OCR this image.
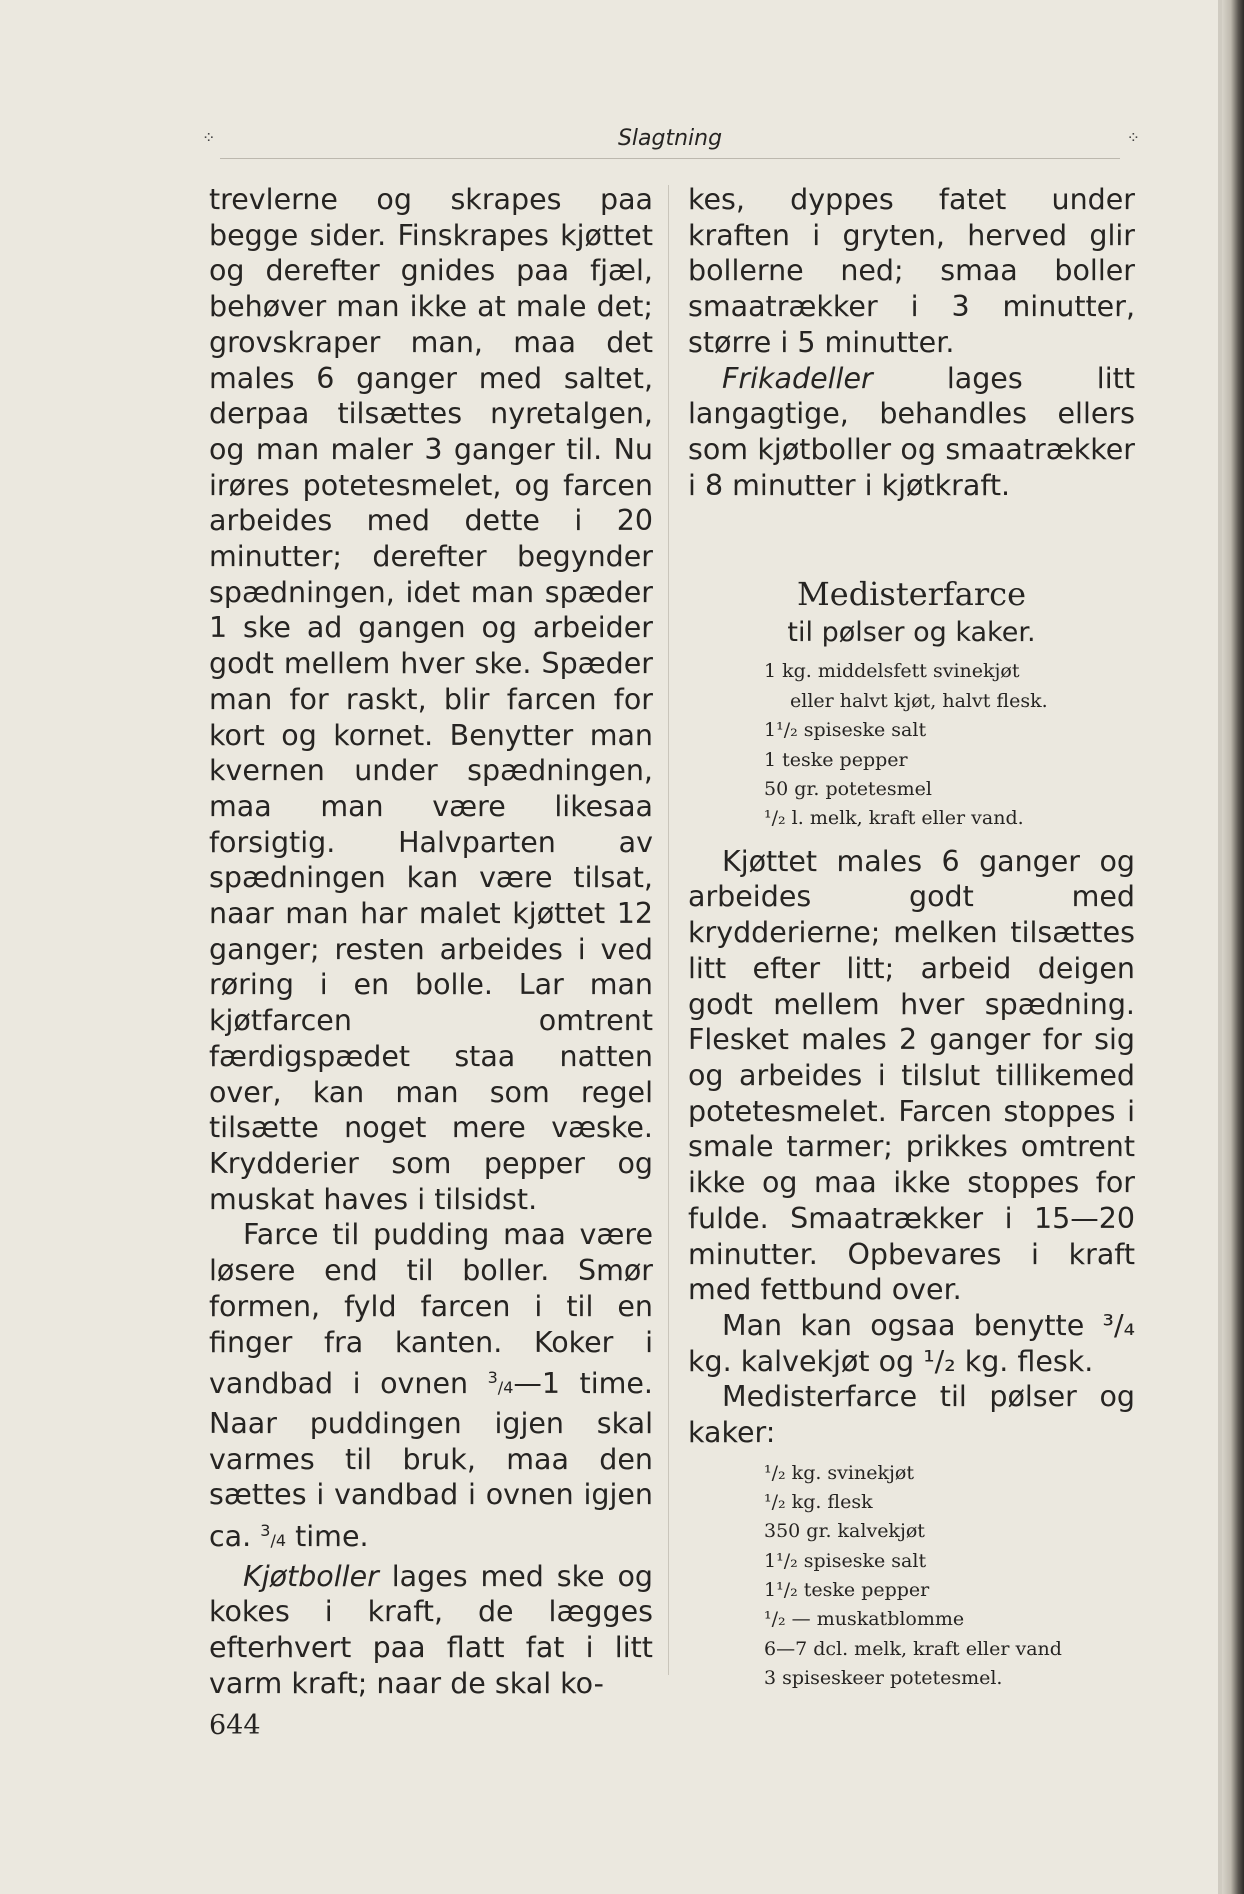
⁘	Slagtning	⁘

trevlerne og skrapes paa begge sider. Finskrapes kjøttet og derefter gnides paa fjæl, behøver man ikke at male det; grovskraper man, maa det males 6 ganger med saltet, derpaa tilsættes nyretalgen, og man maler 3 ganger til. Nu irøres potetesmelet, og farcen arbeides med dette i 20 minutter; derefter begynder spædningen, idet man spæder 1 ske ad gangen og arbeider godt mellem hver ske. Spæder man for raskt, blir farcen for kort og kornet. Benytter man kvernen under spædningen, maa man være likesaa forsigtig. Halvparten av spædningen kan være tilsat, naar man har malet kjøttet 12 ganger; resten arbeides i ved røring i en bolle. Lar man kjøtfarcen omtrent færdigspædet staa natten over, kan man som regel tilsætte noget mere væske. Krydderier som pepper og muskat haves i tilsidst.

Farce til pudding maa være løsere end til boller. Smør formen, fyld farcen i til en finger fra kanten. Koker i vandbad i ovnen $^3$/4—1 time. Naar puddingen igjen skal varmes til bruk, maa den sættes i vandbad i ovnen igjen ca. $^3$/4 time.

Kjøtboller lages med ske og kokes i kraft, de lægges efterhvert paa flatt fat i litt varm kraft; naar de skal ko-

kes, dyppes fatet under kraften i gryten, herved glir bollerne ned; smaa boller smaatrækker i 3 minutter, større i 5 minutter.

Frikadeller lages litt langagtige, behandles ellers som kjøtboller og smaatrækker i 8 minutter i kjøtkraft.

Medisterfarce
til pølser og kaker.
1 kg. middelsfett svinekjøt
eller halvt kjøt, halvt flesk.
1¹/₂ spiseske salt
1 teske pepper
50 gr. potetesmel
¹/₂ l. melk, kraft eller vand.

Kjøttet males 6 ganger og arbeides godt med krydderierne; melken tilsættes litt efter litt; arbeid deigen godt mellem hver spædning. Flesket males 2 ganger for sig og arbeides i tilslut tillikemed potetesmelet. Farcen stoppes i smale tarmer; prikkes omtrent ikke og maa ikke stoppes for fulde. Smaatrækker i 15—20 minutter. Opbevares i kraft med fettbund over.

Man kan ogsaa benytte ³/₄ kg. kalvekjøt og ¹/₂ kg. flesk.

Medisterfarce til pølser og kaker:

¹/₂ kg. svinekjøt
¹/₂ kg. flesk
350 gr. kalvekjøt
1¹/₂ spiseske salt
1¹/₂ teske pepper
¹/₂ — muskatblomme
6—7 dcl. melk, kraft eller vand
3 spiseskeer potetesmel.
644
